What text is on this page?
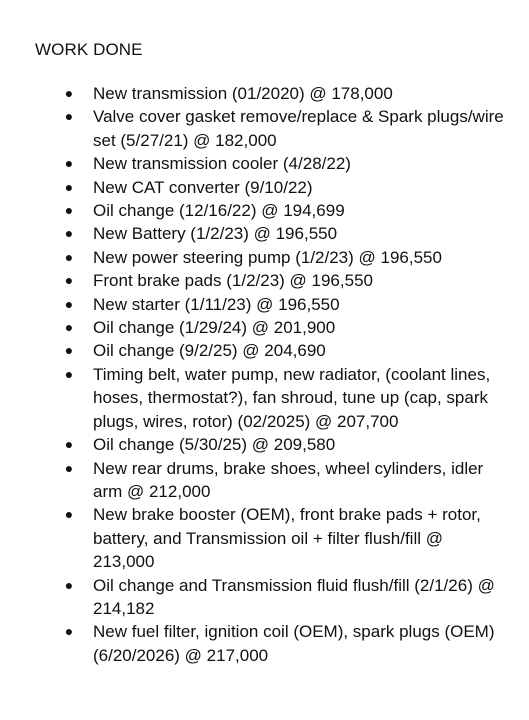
WORK DONE
● New transmission (01/2020) @ 178,000
● Valve cover gasket remove/replace & Spark plugs/wire set (5/27/21) @ 182,000
● New transmission cooler (4/28/22)
● New CAT converter (9/10/22)
● Oil change (12/16/22) @ 194,699
● New Battery (1/2/23) @ 196,550
● New power steering pump (1/2/23) @ 196,550
● Front brake pads (1/2/23) @ 196,550
● New starter (1/11/23) @ 196,550
● Oil change (1/29/24) @ 201,900
● Oil change (9/2/25) @ 204,690
● Timing belt, water pump, new radiator, (coolant lines, hoses, thermostat?), fan shroud, tune up (cap, spark plugs, wires, rotor) (02/2025) @ 207,700
● Oil change (5/30/25) @ 209,580
● New rear drums, brake shoes, wheel cylinders, idler arm @ 212,000
● New brake booster (OEM), front brake pads + rotor, battery, and Transmission oil + filter flush/fill @ 213,000
● Oil change and Transmission fluid flush/fill (2/1/26) @ 214,182
● New fuel filter, ignition coil (OEM), spark plugs (OEM) (6/20/2026) @ 217,000
